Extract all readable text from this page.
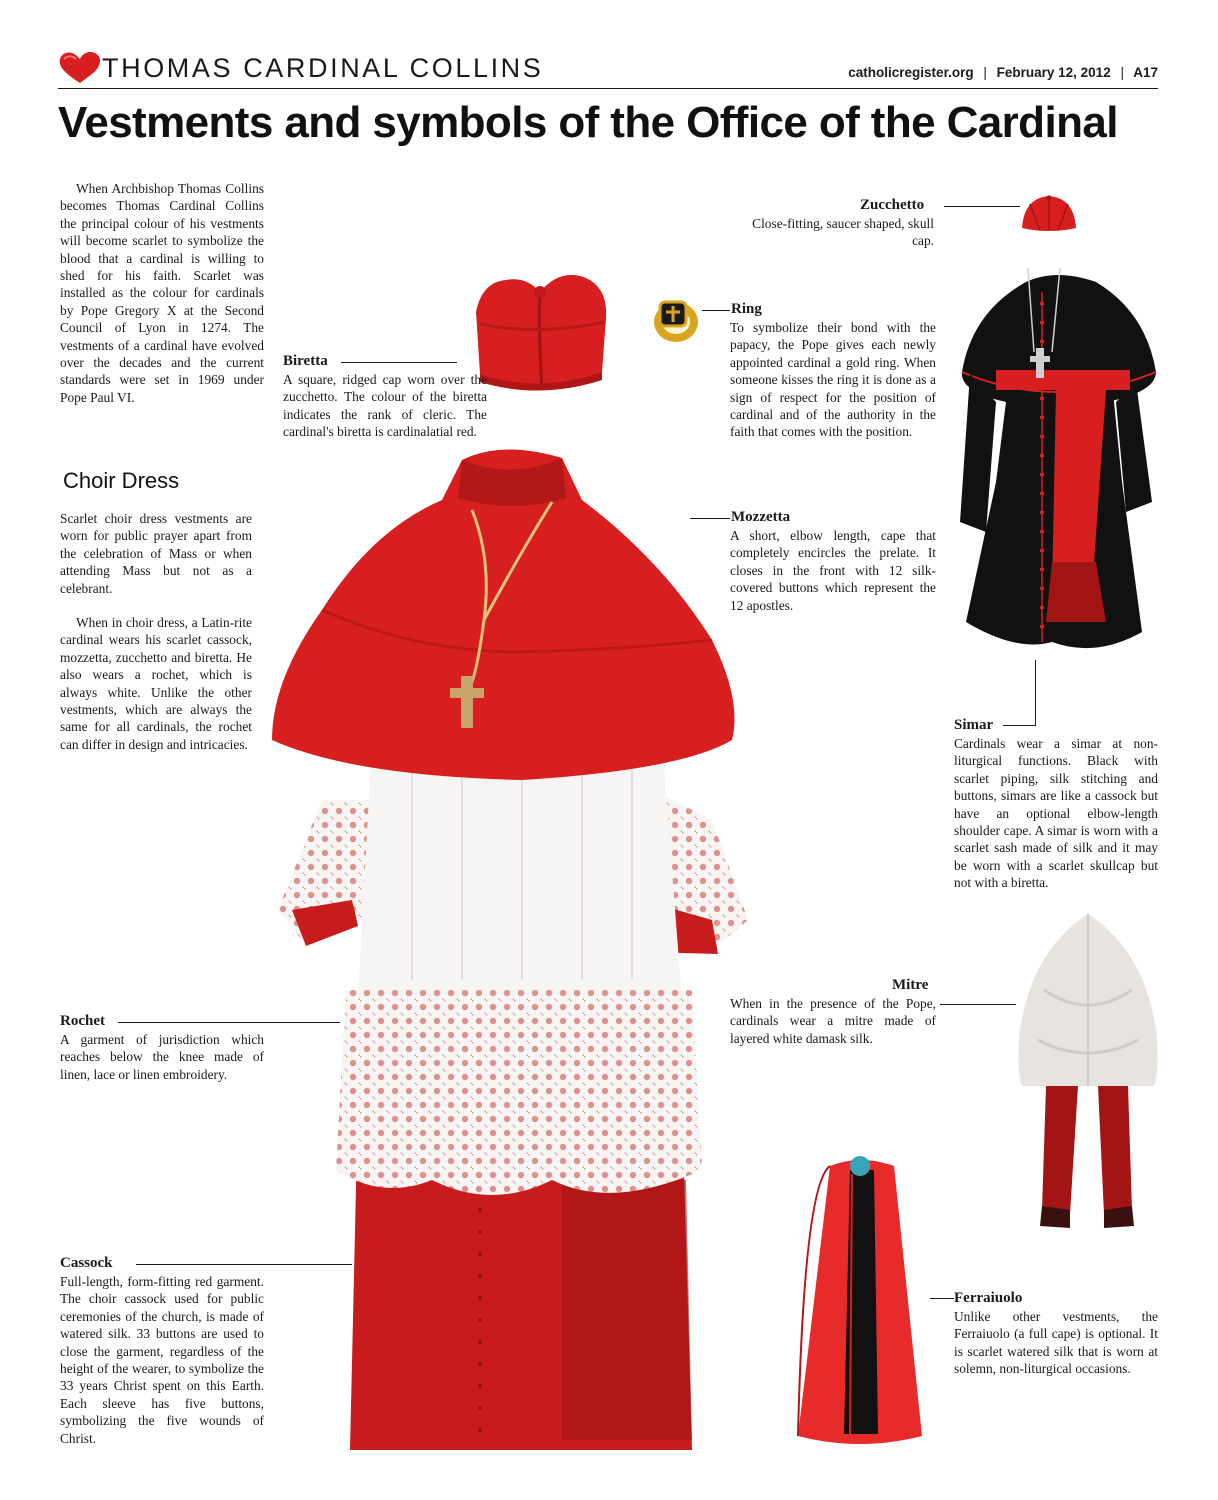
THOMAS CARDINAL COLLINS	catholicregister.org | February 12, 2012 | A17
Vestments and symbols of the Office of the Cardinal

When Archbishop Thomas Collins becomes Thomas Cardinal Collins the principal colour of his vestments will become scarlet to symbolize the blood that a cardinal is willing to shed for his faith. Scarlet was installed as the colour for cardinals by Pope Gregory X at the Second Council of Lyon in 1274. The vestments of a cardinal have evolved over the decades and the current standards were set in 1969 under Pope Paul VI.

Choir Dress

Scarlet choir dress vestments are worn for public prayer apart from the celebration of Mass or when attending Mass but not as a celebrant.

When in choir dress, a Latin-rite cardinal wears his scarlet cassock, mozzetta, zucchetto and biretta. He also wears a rochet, which is always white. Unlike the other vestments, which are always the same for all cardinals, the rochet can differ in design and intricacies.

Rochet

A garment of jurisdiction which reaches below the knee made of linen, lace or linen embroidery.

Cassock

Full-length, form-fitting red garment. The choir cassock used for public ceremonies of the church, is made of watered silk. 33 buttons are used to close the garment, regardless of the height of the wearer, to symbolize the 33 years Christ spent on this Earth. Each sleeve has five buttons, symbolizing the five wounds of Christ.

Biretta

A square, ridged cap worn over the zucchetto. The colour of the biretta indicates the rank of cleric. The cardinal's biretta is cardinalatial red.

Ring

To symbolize their bond with the papacy, the Pope gives each newly appointed cardinal a gold ring. When someone kisses the ring it is done as a sign of respect for the position of cardinal and of the authority in the faith that comes with the position.

Zucchetto

Close-fitting, saucer shaped, skull cap.

Mozzetta

A short, elbow length, cape that completely encircles the prelate. It closes in the front with 12 silk-covered buttons which represent the 12 apostles.

Simar

Cardinals wear a simar at non-liturgical functions. Black with scarlet piping, silk stitching and buttons, simars are like a cassock but have an optional elbow-length shoulder cape. A simar is worn with a scarlet sash made of silk and it may be worn with a scarlet skullcap but not with a biretta.

Mitre

When in the presence of the Pope, cardinals wear a mitre made of layered white damask silk.

Ferraiuolo

Unlike other vestments, the Ferraiuolo (a full cape) is optional. It is scarlet watered silk that is worn at solemn, non-liturgical occasions.
